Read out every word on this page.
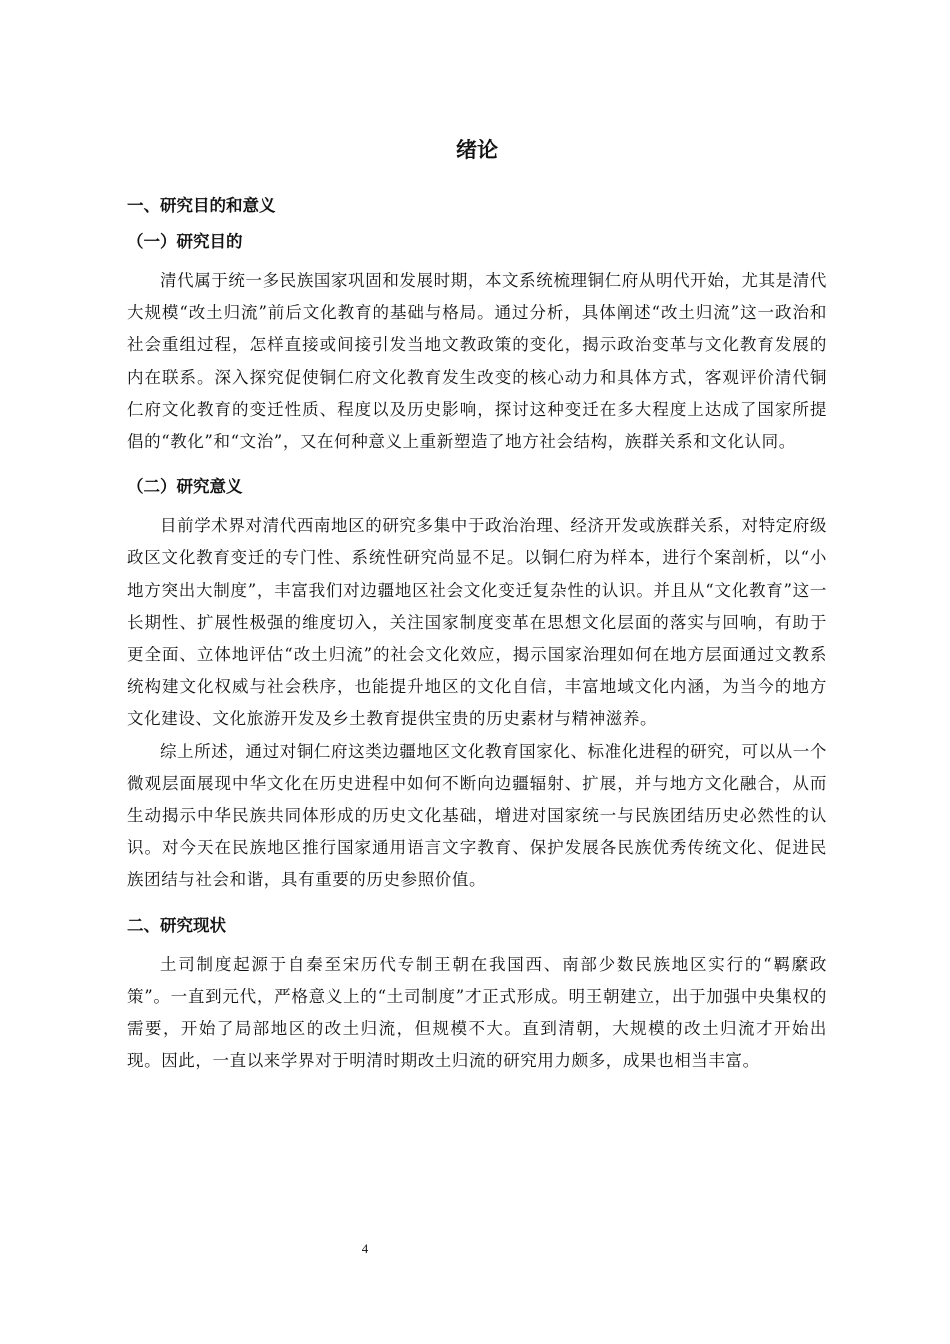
绪论
一、研究目的和意义
（一）研究目的

清代属于统一多民族国家巩固和发展时期，本文系统梳理铜仁府从明代开始，尤其是清代大规模“改土归流”前后文化教育的基础与格局。通过分析，具体阐述“改土归流”这一政治和社会重组过程，怎样直接或间接引发当地文教政策的变化，揭示政治变革与文化教育发展的内在联系。深入探究促使铜仁府文化教育发生改变的核心动力和具体方式，客观评价清代铜仁府文化教育的变迁性质、程度以及历史影响，探讨这种变迁在多大程度上达成了国家所提倡的“教化”和“文治”，又在何种意义上重新塑造了地方社会结构，族群关系和文化认同。

（二）研究意义

目前学术界对清代西南地区的研究多集中于政治治理、经济开发或族群关系，对特定府级政区文化教育变迁的专门性、系统性研究尚显不足。以铜仁府为样本，进行个案剖析，以“小地方突出大制度”，丰富我们对边疆地区社会文化变迁复杂性的认识。并且从“文化教育”这一长期性、扩展性极强的维度切入，关注国家制度变革在思想文化层面的落实与回响，有助于更全面、立体地评估“改土归流”的社会文化效应，揭示国家治理如何在地方层面通过文教系统构建文化权威与社会秩序，也能提升地区的文化自信，丰富地域文化内涵，为当今的地方文化建设、文化旅游开发及乡土教育提供宝贵的历史素材与精神滋养。

综上所述，通过对铜仁府这类边疆地区文化教育国家化、标准化进程的研究，可以从一个微观层面展现中华文化在历史进程中如何不断向边疆辐射、扩展，并与地方文化融合，从而生动揭示中华民族共同体形成的历史文化基础，增进对国家统一与民族团结历史必然性的认识。对今天在民族地区推行国家通用语言文字教育、保护发展各民族优秀传统文化、促进民族团结与社会和谐，具有重要的历史参照价值。

二、研究现状

土司制度起源于自秦至宋历代专制王朝在我国西、南部少数民族地区实行的“羁縻政策”。一直到元代，严格意义上的“土司制度”才正式形成。明王朝建立，出于加强中央集权的需要，开始了局部地区的改土归流，但规模不大。直到清朝，大规模的改土归流才开始出现。因此，一直以来学界对于明清时期改土归流的研究用力颇多，成果也相当丰富。

4
